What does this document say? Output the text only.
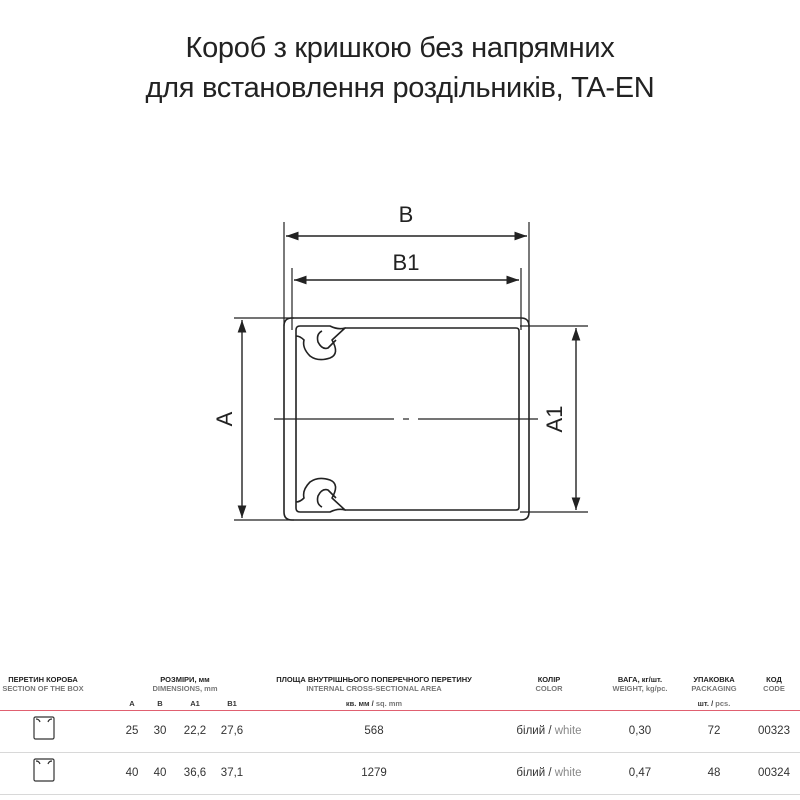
Короб з кришкою без напрямних
для встановлення роздільників, TA-EN
B
B1
A	A1
ПЕРЕТИН КОРОБА
SECTION OF THE BOX
РОЗМІРИ, мм
DIMENSIONS, mm
ПЛОЩА ВНУТРІШНЬОГО ПОПЕРЕЧНОГО ПЕРЕТИНУ
INTERNAL CROSS-SECTIONAL AREA
КОЛІР
COLOR
ВАГА, кг/шт.
WEIGHT, kg/pc.
УПАКОВКА
PACKAGING
КОД
CODE
A	B	A1	B1	кв. мм / sq. mm	шт. / pcs.
25	30	22,2	27,6	568	білий / white	0,30	72	00323
40	40	36,6	37,1	1279	білий / white	0,47	48	00324
